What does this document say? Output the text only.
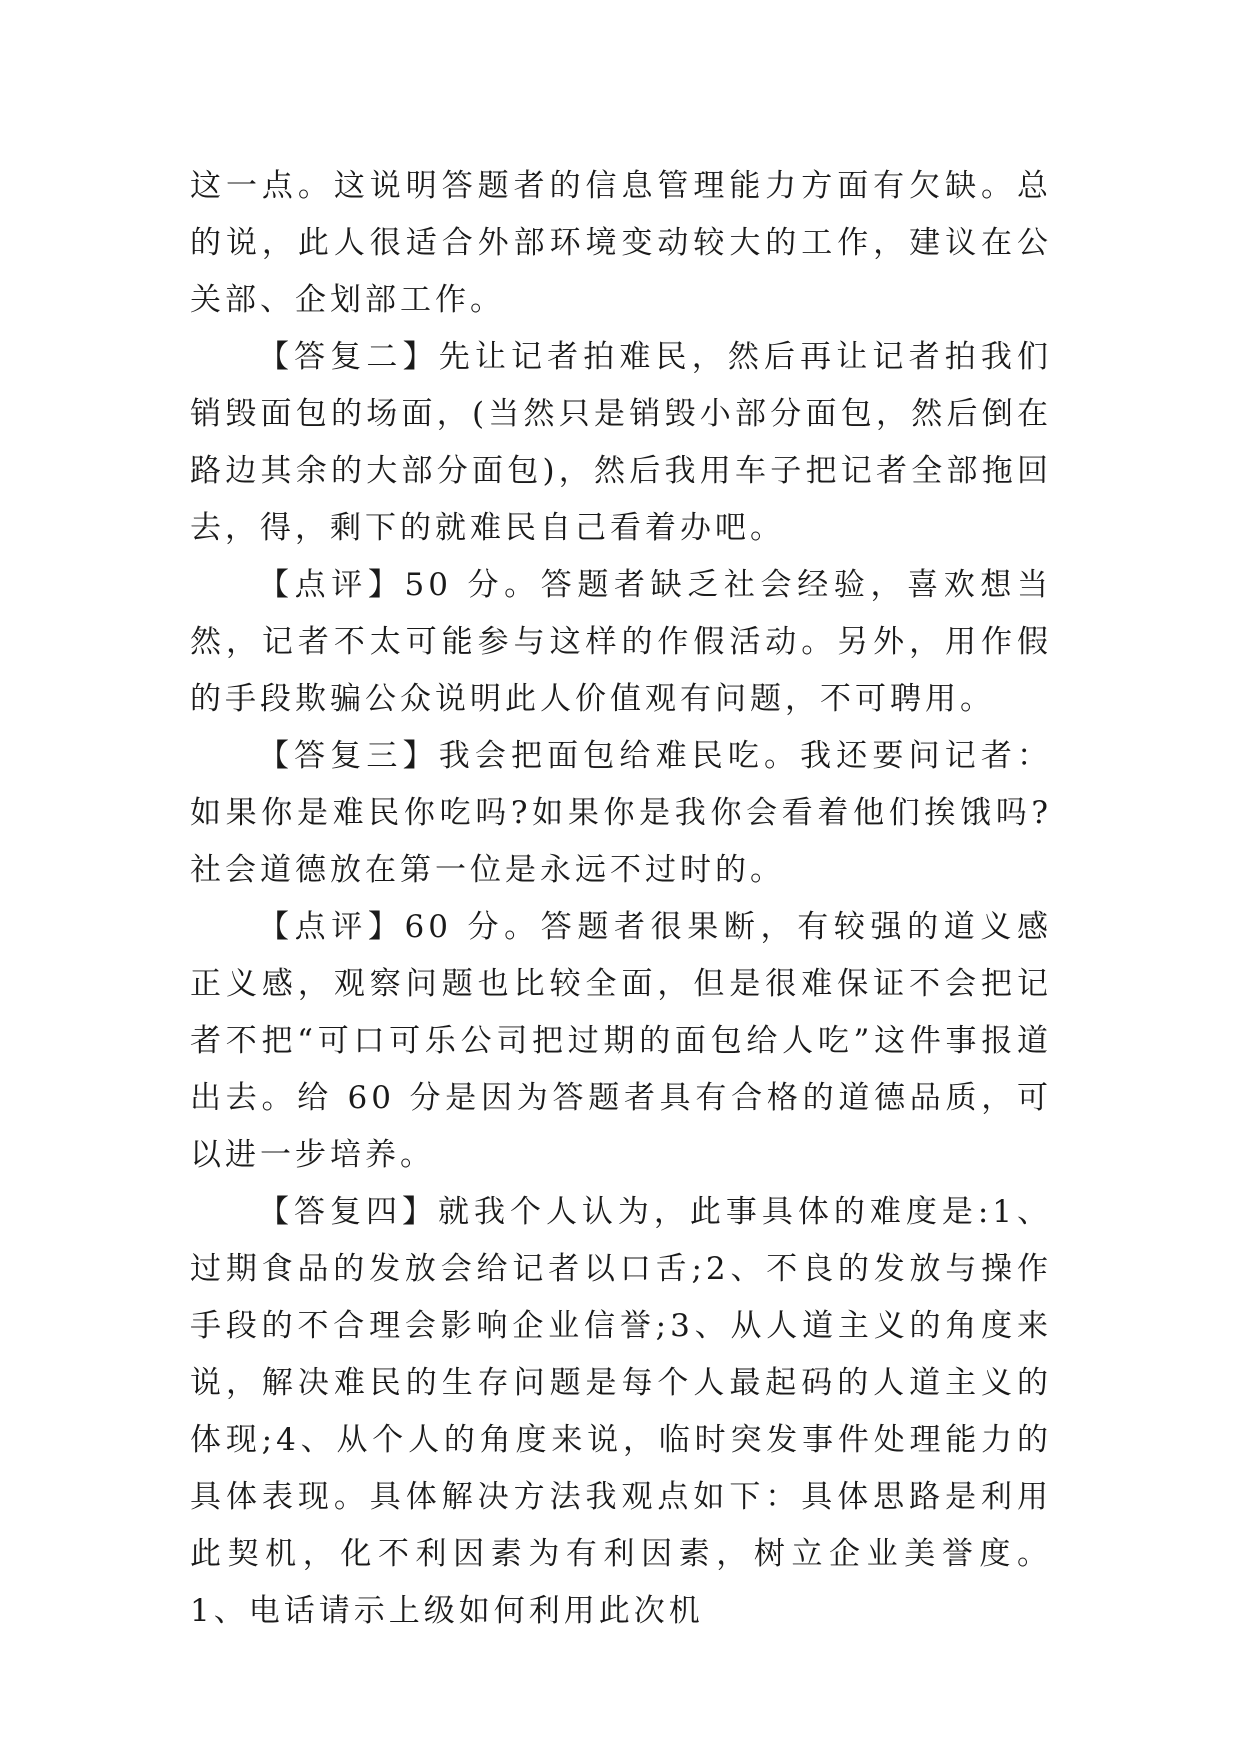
这一点。这说明答题者的信息管理能力方面有欠缺。总的说，此人很适合外部环境变动较大的工作，建议在公关部、企划部工作。

【答复二】先让记者拍难民，然后再让记者拍我们销毁面包的场面，(当然只是销毁小部分面包，然后倒在路边其余的大部分面包)，然后我用车子把记者全部拖回去，得，剩下的就难民自己看着办吧。

【点评】50 分。答题者缺乏社会经验，喜欢想当然，记者不太可能参与这样的作假活动。另外，用作假的手段欺骗公众说明此人价值观有问题，不可聘用。

【答复三】我会把面包给难民吃。我还要问记者：如果你是难民你吃吗?如果你是我你会看着他们挨饿吗?社会道德放在第一位是永远不过时的。

【点评】60 分。答题者很果断，有较强的道义感正义感，观察问题也比较全面，但是很难保证不会把记者不把“可口可乐公司把过期的面包给人吃”这件事报道出去。给 60 分是因为答题者具有合格的道德品质，可以进一步培养。

【答复四】就我个人认为，此事具体的难度是:1、过期食品的发放会给记者以口舌;2、不良的发放与操作手段的不合理会影响企业信誉;3、从人道主义的角度来说，解决难民的生存问题是每个人最起码的人道主义的体现;4、从个人的角度来说，临时突发事件处理能力的具体表现。具体解决方法我观点如下：具体思路是利用此契机，化不利因素为有利因素，树立企业美誉度。1、电话请示上级如何利用此次机
